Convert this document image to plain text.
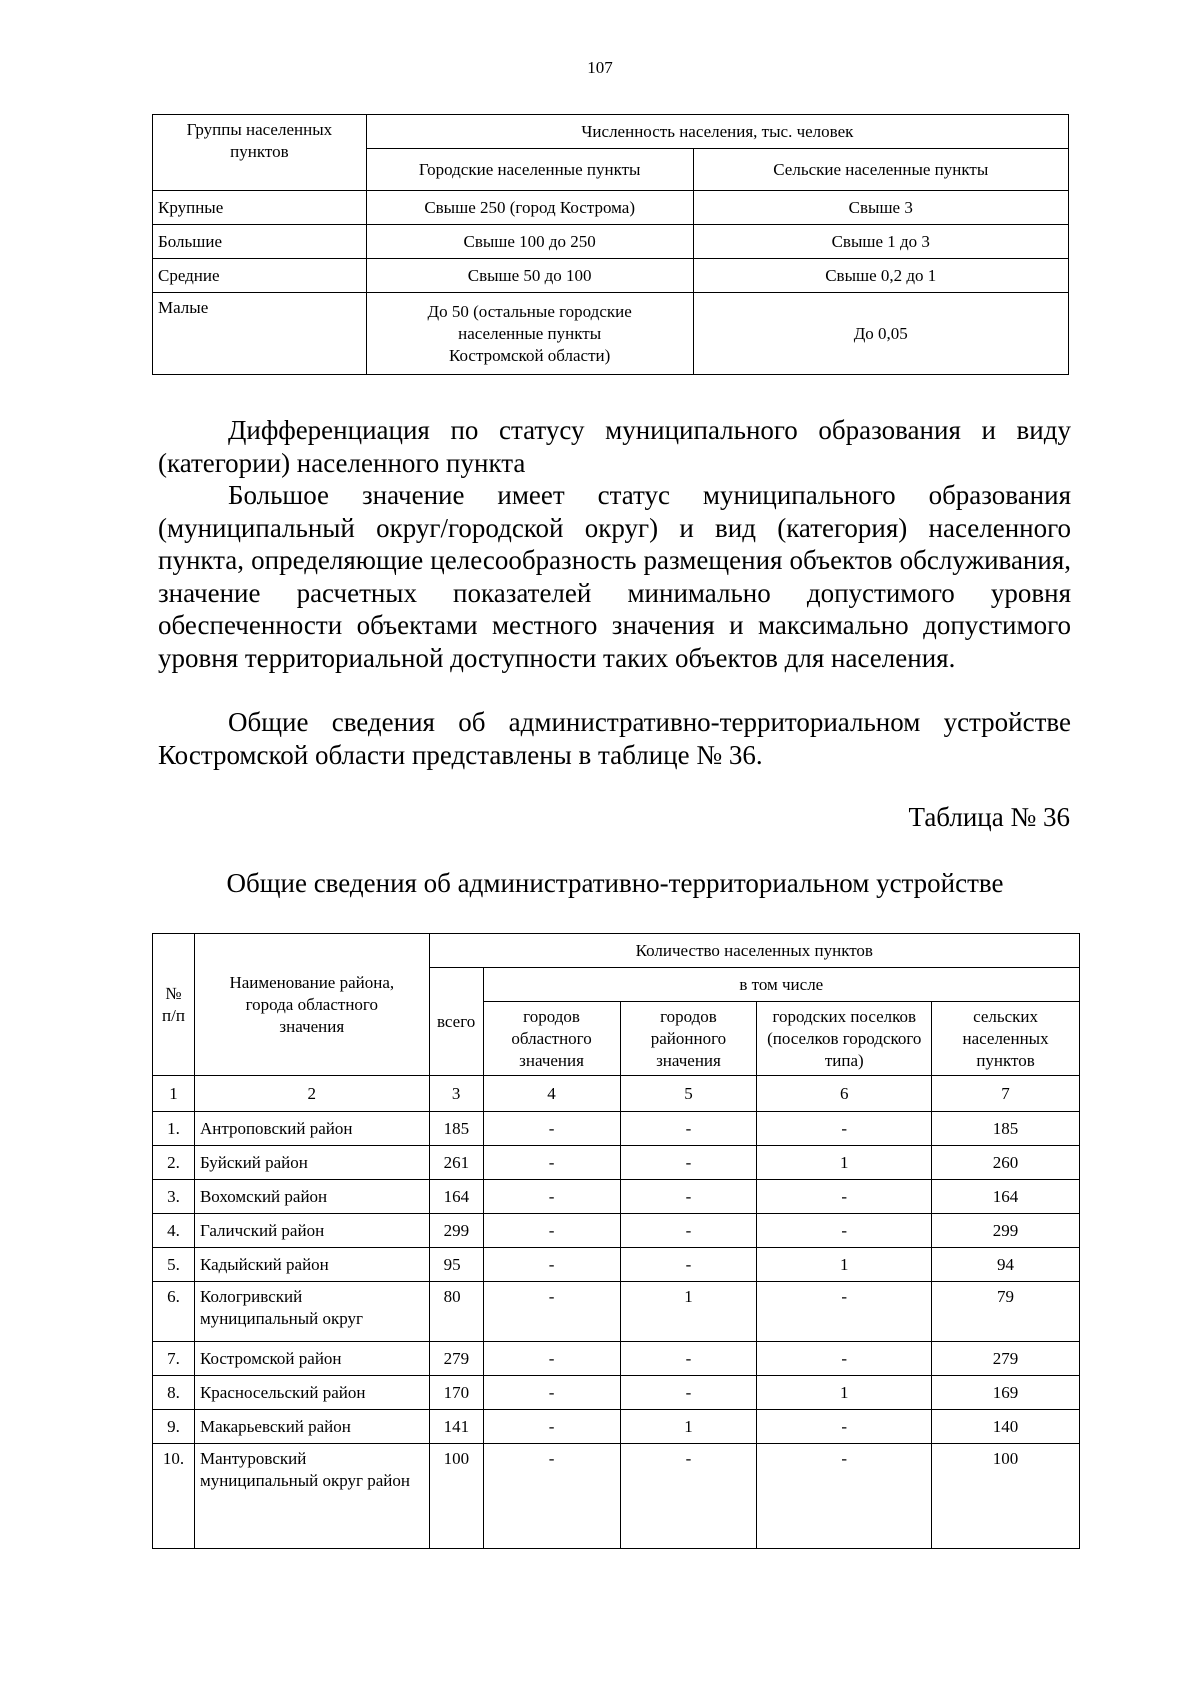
107
Группы населенных пунктов	Численность населения, тыс. человек	
	Городские населенные пункты	Сельские населенные пункты
Крупные	Свыше 250 (город Кострома)	Свыше 3
Большие	Свыше 100 до 250	Свыше 1 до 3
Средние	Свыше 50 до 100	Свыше 0,2 до 1
Малые	До 50 (остальные городские населенные пункты Костромской области)	До 0,05
Дифференциация по статусу муниципального образования и виду (категории) населенного пункта
Большое значение имеет статус муниципального образования (муниципальный округ/городской округ) и вид (категория) населенного пункта, определяющие целесообразность размещения объектов обслуживания, значение расчетных показателей минимально допустимого уровня обеспеченности объектами местного значения и максимально допустимого уровня территориальной доступности таких объектов для населения.
Общие сведения об административно-территориальном устройстве Костромской области представлены в таблице № 36.
Таблица № 36
Общие сведения об административно-территориальном устройстве
№ п/п	Наименование района, города областного значения	Количество населенных пунктов				
		всего	в том числе			
			городов областного значения	городов районного значения	городских поселков (поселков городского типа)	сельских населенных пунктов
1	2	3	4	5	6	7
1.	Антроповский район	185	-	-	-	185
2.	Буйский район	261	-	-	1	260
3.	Вохомский район	164	-	-	-	164
4.	Галичский район	299	-	-	-	299
5.	Кадыйский район	95	-	-	1	94
6.	Кологривский муниципальный округ	80	-	1	-	79
7.	Костромской район	279	-	-	-	279
8.	Красносельский район	170	-	-	1	169
9.	Макарьевский район	141	-	1	-	140
10.	Мантуровский муниципальный округ район	100	-	-	-	100
